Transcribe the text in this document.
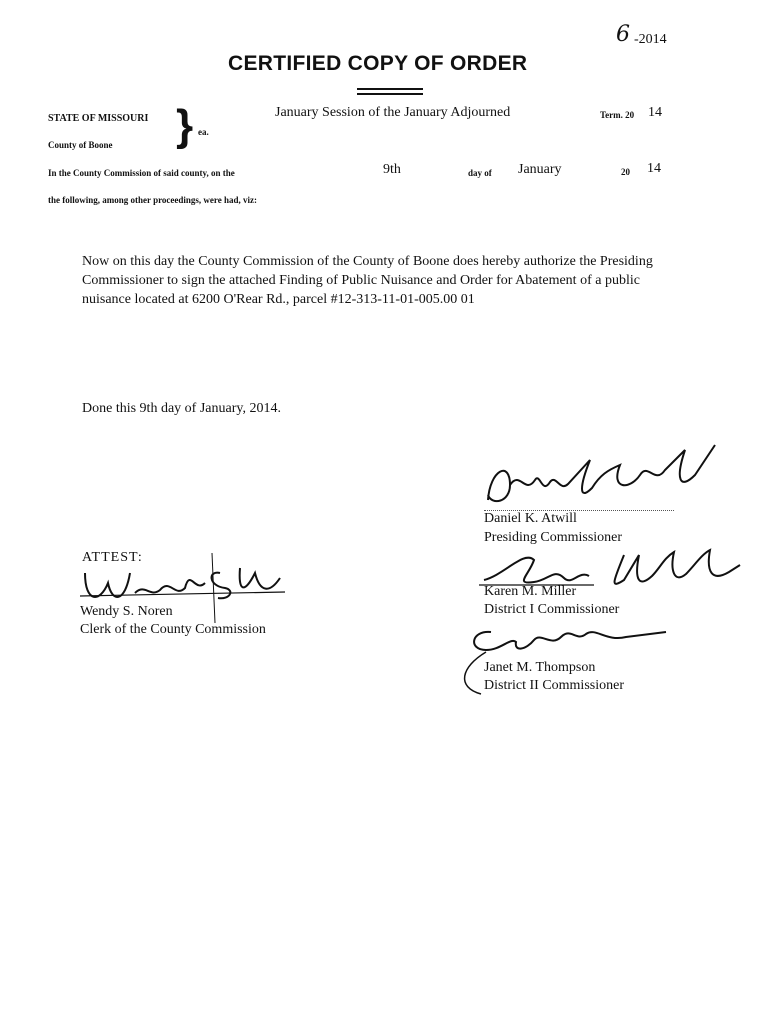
6 -2014
CERTIFIED COPY OF ORDER
STATE OF MISSOURI
County of Boone } ea.
January Session of the January Adjourned	Term. 20 14
In the County Commission of said county, on the	9th	day of January	20 14
the following, among other proceedings, were had, viz:
Now on this day the County Commission of the County of Boone does hereby authorize the Presiding Commissioner to sign the attached Finding of Public Nuisance and Order for Abatement of a public nuisance located at 6200 O'Rear Rd., parcel #12-313-11-01-005.00 01
Done this 9th day of January, 2014.
Daniel K. Atwill
Presiding Commissioner
Karen M. Miller
District I Commissioner
Janet M. Thompson
District II Commissioner
ATTEST:
Wendy S. Noren
Clerk of the County Commission
